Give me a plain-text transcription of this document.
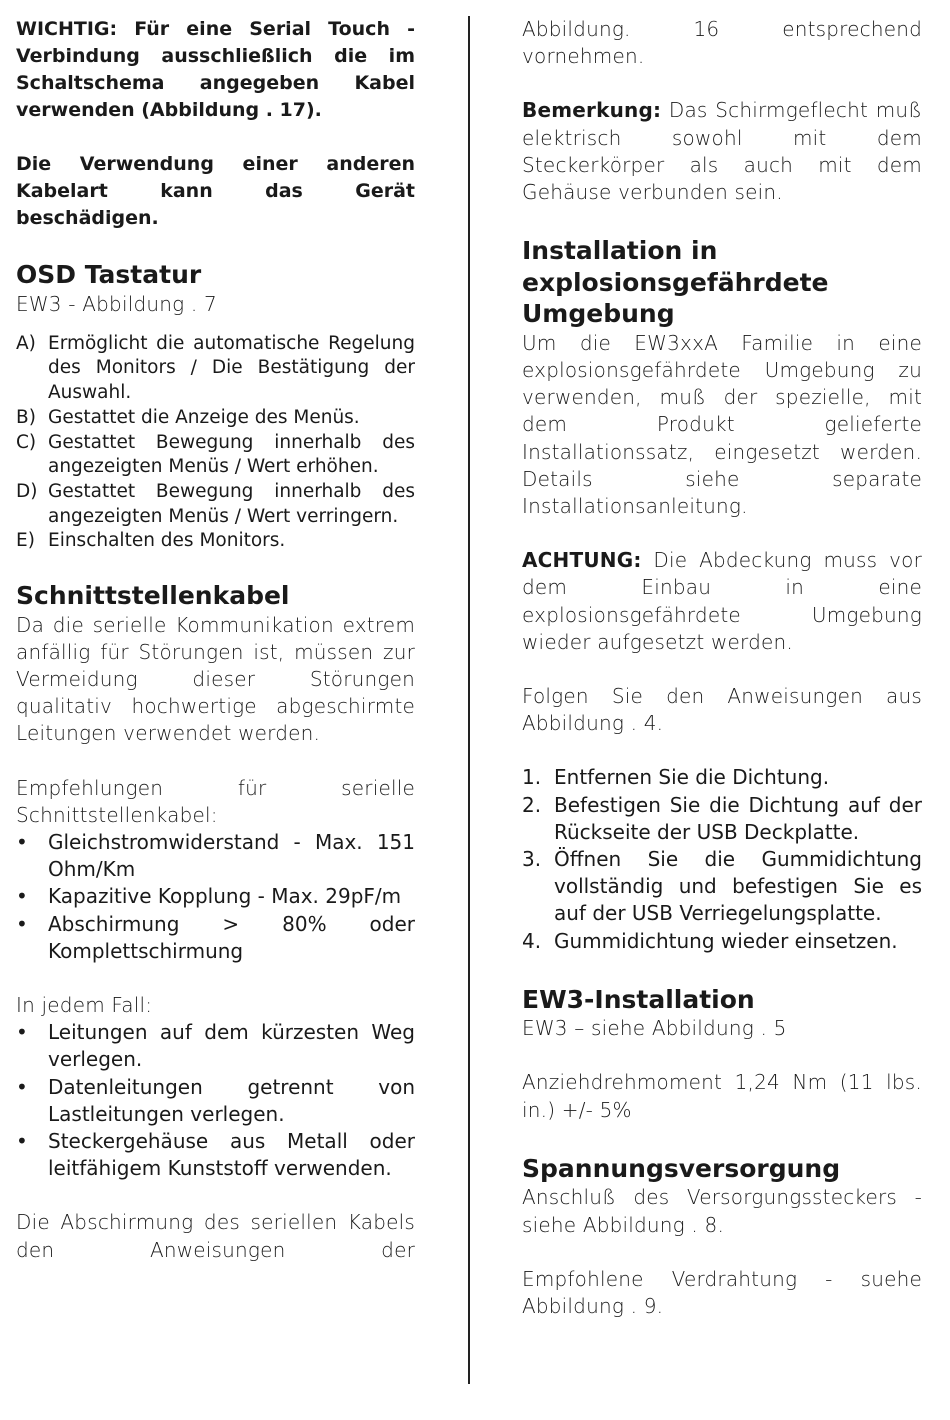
WICHTIG: Für eine Serial Touch - Verbindung ausschließlich die im Schaltschema angegeben Kabel verwenden (Abbildung . 17).

Die Verwendung einer anderen Kabelart kann das Gerät beschädigen.

OSD Tastatur

EW3 - Abbildung . 7

A) Ermöglicht die automatische Regelung des Monitors / Die Bestätigung der Auswahl.
B) Gestattet die Anzeige des Menüs.
C) Gestattet Bewegung innerhalb des angezeigten Menüs / Wert erhöhen.
D) Gestattet Bewegung innerhalb des angezeigten Menüs / Wert verringern.
E) Einschalten des Monitors.
Schnittstellenkabel

Da die serielle Kommunikation extrem anfällig für Störungen ist, müssen zur Vermeidung dieser Störungen qualitativ hochwertige abgeschirmte Leitungen verwendet werden.

Empfehlungen für serielle Schnittstellenkabel:

• Gleichstromwiderstand - Max. 151 Ohm/Km
• Kapazitive Kopplung - Max. 29pF/m
• Abschirmung > 80% oder Komplettschirmung

In jedem Fall:

• Leitungen auf dem kürzesten Weg verlegen.
• Datenleitungen getrennt von Lastleitungen verlegen.
• Steckergehäuse aus Metall oder leitfähigem Kunststoff verwenden.

Die Abschirmung des seriellen Kabels den Anweisungen der

Abbildung. 16 entsprechend vornehmen.

Bemerkung: Das Schirmgeflecht muß elektrisch sowohl mit dem Steckerkörper als auch mit dem Gehäuse verbunden sein.

Installation in explosionsgefährdete Umgebung

Um die EW3xxA Familie in eine explosionsgefährdete Umgebung zu verwenden, muß der spezielle, mit dem Produkt gelieferte Installationssatz, eingesetzt werden. Details siehe separate Installationsanleitung.

ACHTUNG: Die Abdeckung muss vor dem Einbau in eine explosionsgefährdete Umgebung wieder aufgesetzt werden.

Folgen Sie den Anweisungen aus Abbildung . 4.

1. Entfernen Sie die Dichtung.
2. Befestigen Sie die Dichtung auf der Rückseite der USB Deckplatte.
3. Öffnen Sie die Gummidichtung vollständig und befestigen Sie es auf der USB Verriegelungsplatte.
4. Gummidichtung wieder einsetzen.
EW3-Installation

EW3 – siehe Abbildung . 5

Anziehdrehmoment 1,24 Nm (11 lbs. in.) +/- 5%

Spannungsversorgung

Anschluß des Versorgungssteckers - siehe Abbildung . 8.

Empfohlene Verdrahtung - suehe Abbildung . 9.
